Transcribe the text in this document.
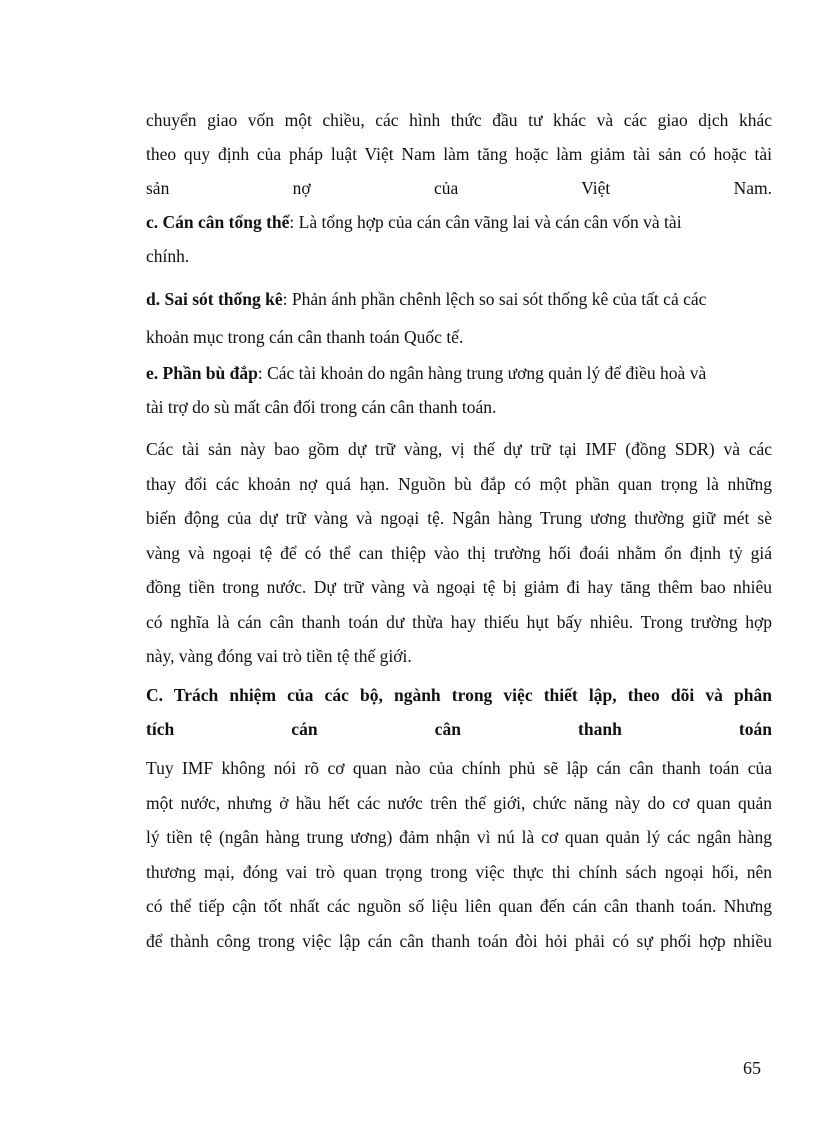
chuyển giao vốn một chiều, các hình thức đầu tư khác và các giao dịch khác
theo quy định của pháp luật Việt Nam làm tăng hoặc làm giảm tài sản có hoặc tài
sản nợ của Việt Nam.
c. Cán cân tổng thể: Là tổng hợp của cán cân vãng lai và cán cân vốn và tài
chính.
d. Sai sót thống kê: Phản ánh phần chênh lệch so sai sót thống kê của tất cả các
khoản mục trong cán cân thanh toán Quốc tế.
e. Phần bù đắp: Các tài khoản do ngân hàng trung ương quản lý để điều hoà và
tài trợ do sù mất cân đối trong cán cân thanh toán.
Các tài sản này bao gồm dự trữ vàng, vị thế dự trữ tại IMF (đồng SDR) và các
thay đổi các khoản nợ quá hạn. Nguồn bù đắp có một phần quan trọng là những
biến động của dự trữ vàng và ngoại tệ. Ngân hàng Trung ương thường giữ mét sè
vàng và ngoại tệ để có thể can thiệp vào thị trường hối đoái nhằm ổn định tỷ giá
đồng tiền trong nước. Dự trữ vàng và ngoại tệ bị giảm đi hay tăng thêm bao nhiêu
có nghĩa là cán cân thanh toán dư thừa hay thiếu hụt bấy nhiêu. Trong trường hợp
này, vàng đóng vai trò tiền tệ thế giới.
C. Trách nhiệm của các bộ, ngành trong việc thiết lập, theo dõi và phân
tích cán cân thanh toán
Tuy IMF không nói rõ cơ quan nào của chính phủ sẽ lập cán cân thanh toán của
một nước, nhưng ở hầu hết các nước trên thế giới, chức năng này do cơ quan quản
lý tiền tệ (ngân hàng trung ương) đảm nhận vì nú là cơ quan quản lý các ngân hàng
thương mại, đóng vai trò quan trọng trong việc thực thi chính sách ngoại hối, nên
có thể tiếp cận tốt nhất các nguồn số liệu liên quan đến cán cân thanh toán. Nhưng
để thành công trong việc lập cán cân thanh toán đòi hỏi phải có sự phối hợp nhiều
65
